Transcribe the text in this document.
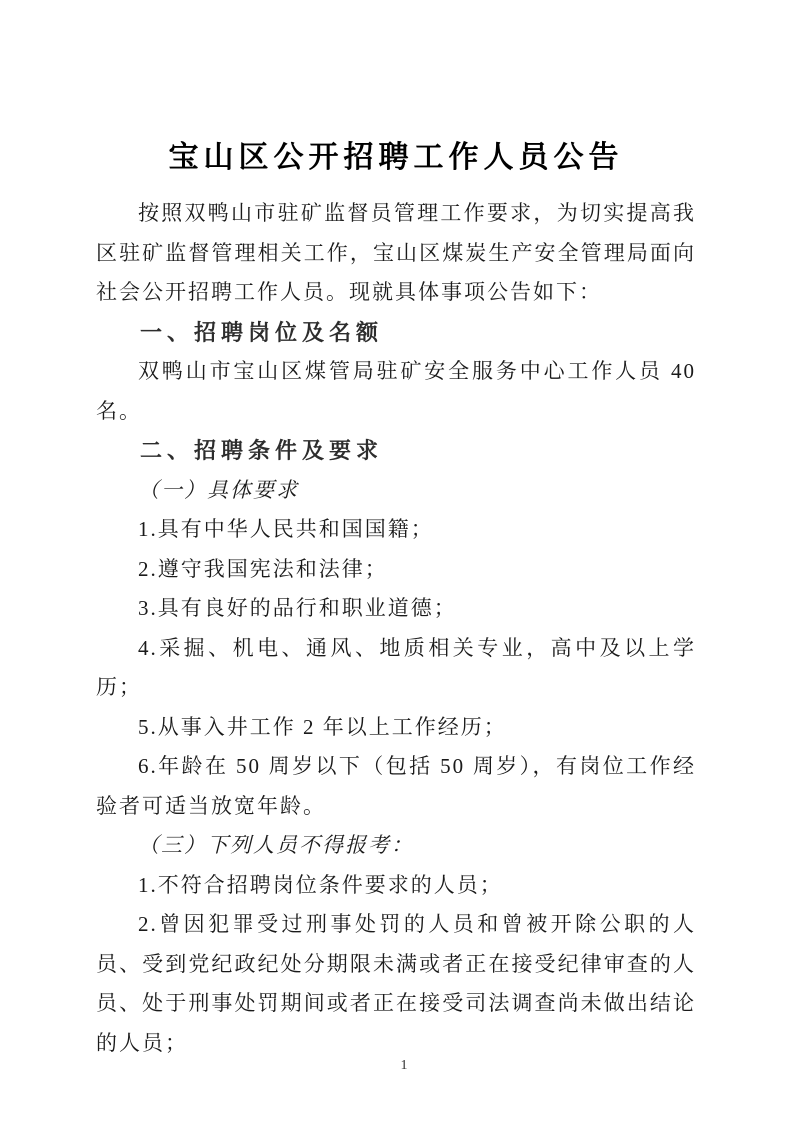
宝山区公开招聘工作人员公告

按照双鸭山市驻矿监督员管理工作要求，为切实提高我区驻矿监督管理相关工作，宝山区煤炭生产安全管理局面向社会公开招聘工作人员。现就具体事项公告如下：

一、招聘岗位及名额

双鸭山市宝山区煤管局驻矿安全服务中心工作人员 40 名。

二、招聘条件及要求

（一）具体要求

1.具有中华人民共和国国籍；

2.遵守我国宪法和法律；

3.具有良好的品行和职业道德；

4.采掘、机电、通风、地质相关专业，高中及以上学历；

5.从事入井工作 2 年以上工作经历；

6.年龄在 50 周岁以下（包括 50 周岁），有岗位工作经验者可适当放宽年龄。

（三）下列人员不得报考：

1.不符合招聘岗位条件要求的人员；

2.曾因犯罪受过刑事处罚的人员和曾被开除公职的人员、受到党纪政纪处分期限未满或者正在接受纪律审查的人员、处于刑事处罚期间或者正在接受司法调查尚未做出结论的人员；

1
